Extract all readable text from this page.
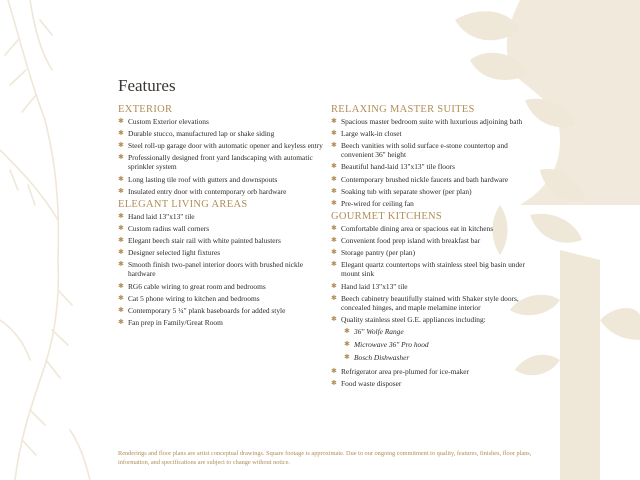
Features
EXTERIOR
✱ Custom Exterior elevations
✱ Durable stucco, manufactured lap or shake siding
✱ Steel roll-up garage door with automatic opener and keyless entry
✱ Professionally designed front yard landscaping with automatic sprinkler system
✱ Long lasting tile roof with gutters and downspouts
✱ Insulated entry door with contemporary orb hardware
ELEGANT LIVING AREAS
✱ Hand laid 13"x13" tile
✱ Custom radius wall corners
✱ Elegant beech stair rail with white painted balusters
✱ Designer selected light fixtures
✱ Smooth finish two-panel interior doors with brushed nickle hardware
✱ RG6 cable wiring to great room and bedrooms
✱ Cat 5 phone wiring to kitchen and bedrooms
✱ Contemporary 5 ¼" plank baseboards for added style
✱ Fan prep in Family/Great Room
RELAXING MASTER SUITES
✱ Spacious master bedroom suite with luxurious adjoining bath
✱ Large walk-in closet
✱ Beech vanities with solid surface e-stone countertop and convenient 36" height
✱ Beautiful hand-laid 13"x13" tile floors
✱ Contemporary brushed nickle faucets and bath hardware
✱ Soaking tub with separate shower (per plan)
✱ Pre-wired for ceiling fan
GOURMET KITCHENS
✱ Comfortable dining area or spacious eat in kitchens
✱ Convenient food prep island with breakfast bar
✱ Storage pantry (per plan)
✱ Elegant quartz countertops with stainless steel big basin under mount sink
✱ Hand laid 13"x13" tile
✱ Beech cabinetry beautifully stained with Shaker style doors, concealed hinges, and maple melamine interior
✱ Quality stainless steel G.E. appliances including:
✱ 36" Wolfe Range
✱ Microwave 36" Pro hood
✱ Bosch Dishwasher
✱ Refrigerator area pre-plumed for ice-maker
✱ Food waste disposer

Renderings and floor plans are artist conceptual drawings. Square footage is approximate. Due to our ongoing commitment to quality, features, finishes, floor plans, information, and specifications are subject to change without notice.
